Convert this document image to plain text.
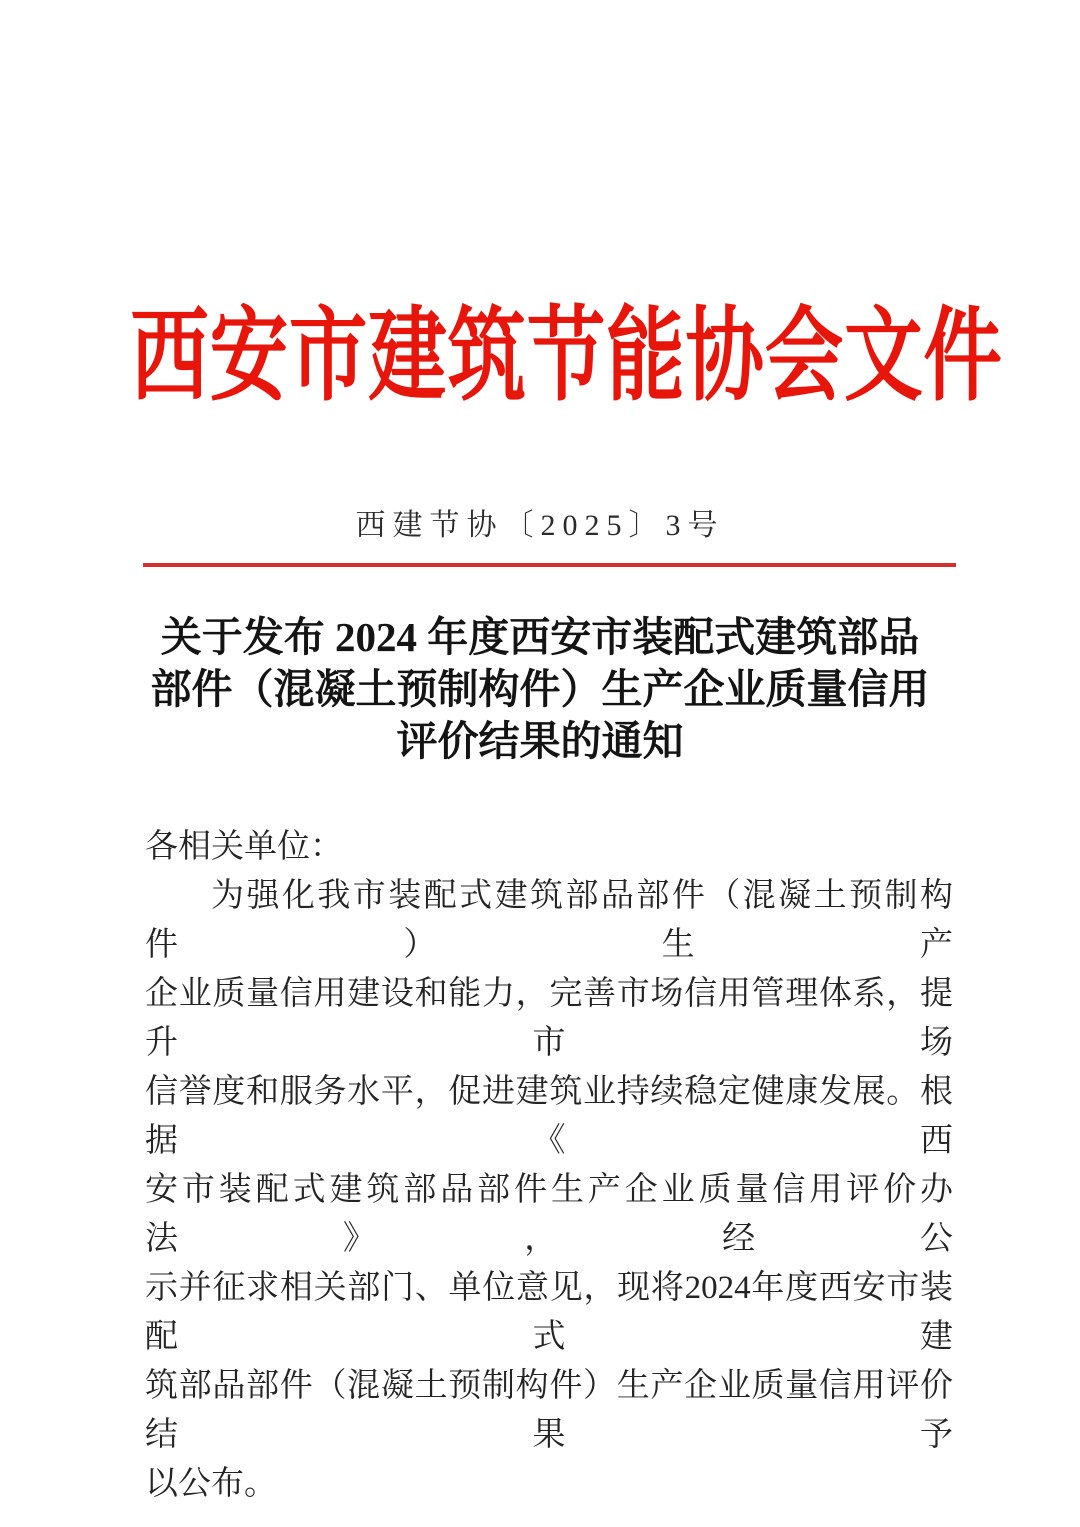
西安市建筑节能协会文件
西建节协〔2025〕3号
关于发布 2024 年度西安市装配式建筑部品
部件（混凝土预制构件）生产企业质量信用
评价结果的通知
各相关单位：
为强化我市装配式建筑部品部件（混凝土预制构件）生产
企业质量信用建设和能力，完善市场信用管理体系，提升市场
信誉度和服务水平，促进建筑业持续稳定健康发展。根据《西
安市装配式建筑部品部件生产企业质量信用评价办法》，经公
示并征求相关部门、单位意见，现将2024年度西安市装配式建
筑部品部件（混凝土预制构件）生产企业质量信用评价结果予
以公布。
